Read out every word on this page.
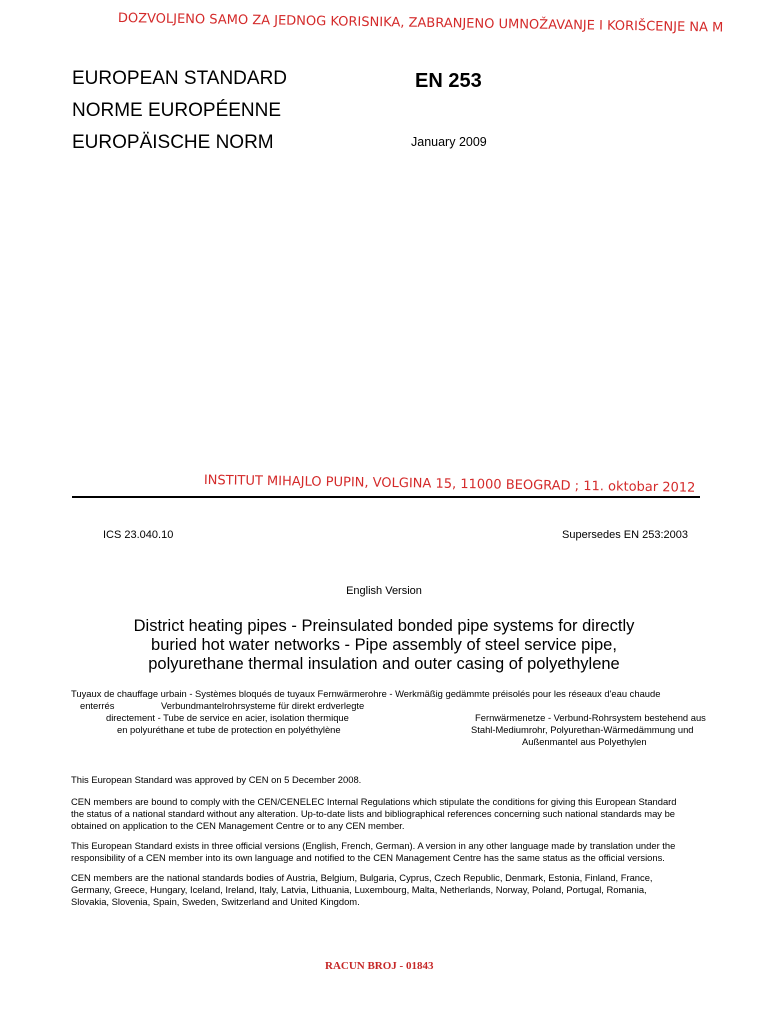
DOZVOLJENO SAMO ZA JEDNOG KORISNIKA, ZABRANJENO UMNOŽAVANJE I KORIŠCENJE NA M
EUROPEAN STANDARD
NORME EUROPÉENNE
EUROPÄISCHE NORM
EN 253
January 2009
INSTITUT MIHAJLO PUPIN, VOLGINA 15, 11000 BEOGRAD ; 11. oktobar 2012
ICS 23.040.10	Supersedes EN 253:2003
English Version
District heating pipes - Preinsulated bonded pipe systems for directly
buried hot water networks - Pipe assembly of steel service pipe,
polyurethane thermal insulation and outer casing of polyethylene
Tuyaux de chauffage urbain - Systèmes bloqués de tuyaux Fernwärmerohre - Werkmäßig gedämmte préisolés pour les réseaux d'eau chaude
enterrés	Verbundmantelrohrsysteme für direkt erdverlegte
directement - Tube de service en acier, isolation thermique
en polyuréthane et tube de protection en polyéthylène
Fernwärmenetze - Verbund-Rohrsystem bestehend aus
Stahl-Mediumrohr, Polyurethan-Wärmedämmung und
Außenmantel aus Polyethylen
This European Standard was approved by CEN on 5 December 2008.
CEN members are bound to comply with the CEN/CENELEC Internal Regulations which stipulate the conditions for giving this European Standard
the status of a national standard without any alteration. Up-to-date lists and bibliographical references concerning such national standards may be
obtained on application to the CEN Management Centre or to any CEN member.
This European Standard exists in three official versions (English, French, German). A version in any other language made by translation under the
responsibility of a CEN member into its own language and notified to the CEN Management Centre has the same status as the official versions.
CEN members are the national standards bodies of Austria, Belgium, Bulgaria, Cyprus, Czech Republic, Denmark, Estonia, Finland, France,
Germany, Greece, Hungary, Iceland, Ireland, Italy, Latvia, Lithuania, Luxembourg, Malta, Netherlands, Norway, Poland, Portugal, Romania,
Slovakia, Slovenia, Spain, Sweden, Switzerland and United Kingdom.
RACUN BROJ - 01843
